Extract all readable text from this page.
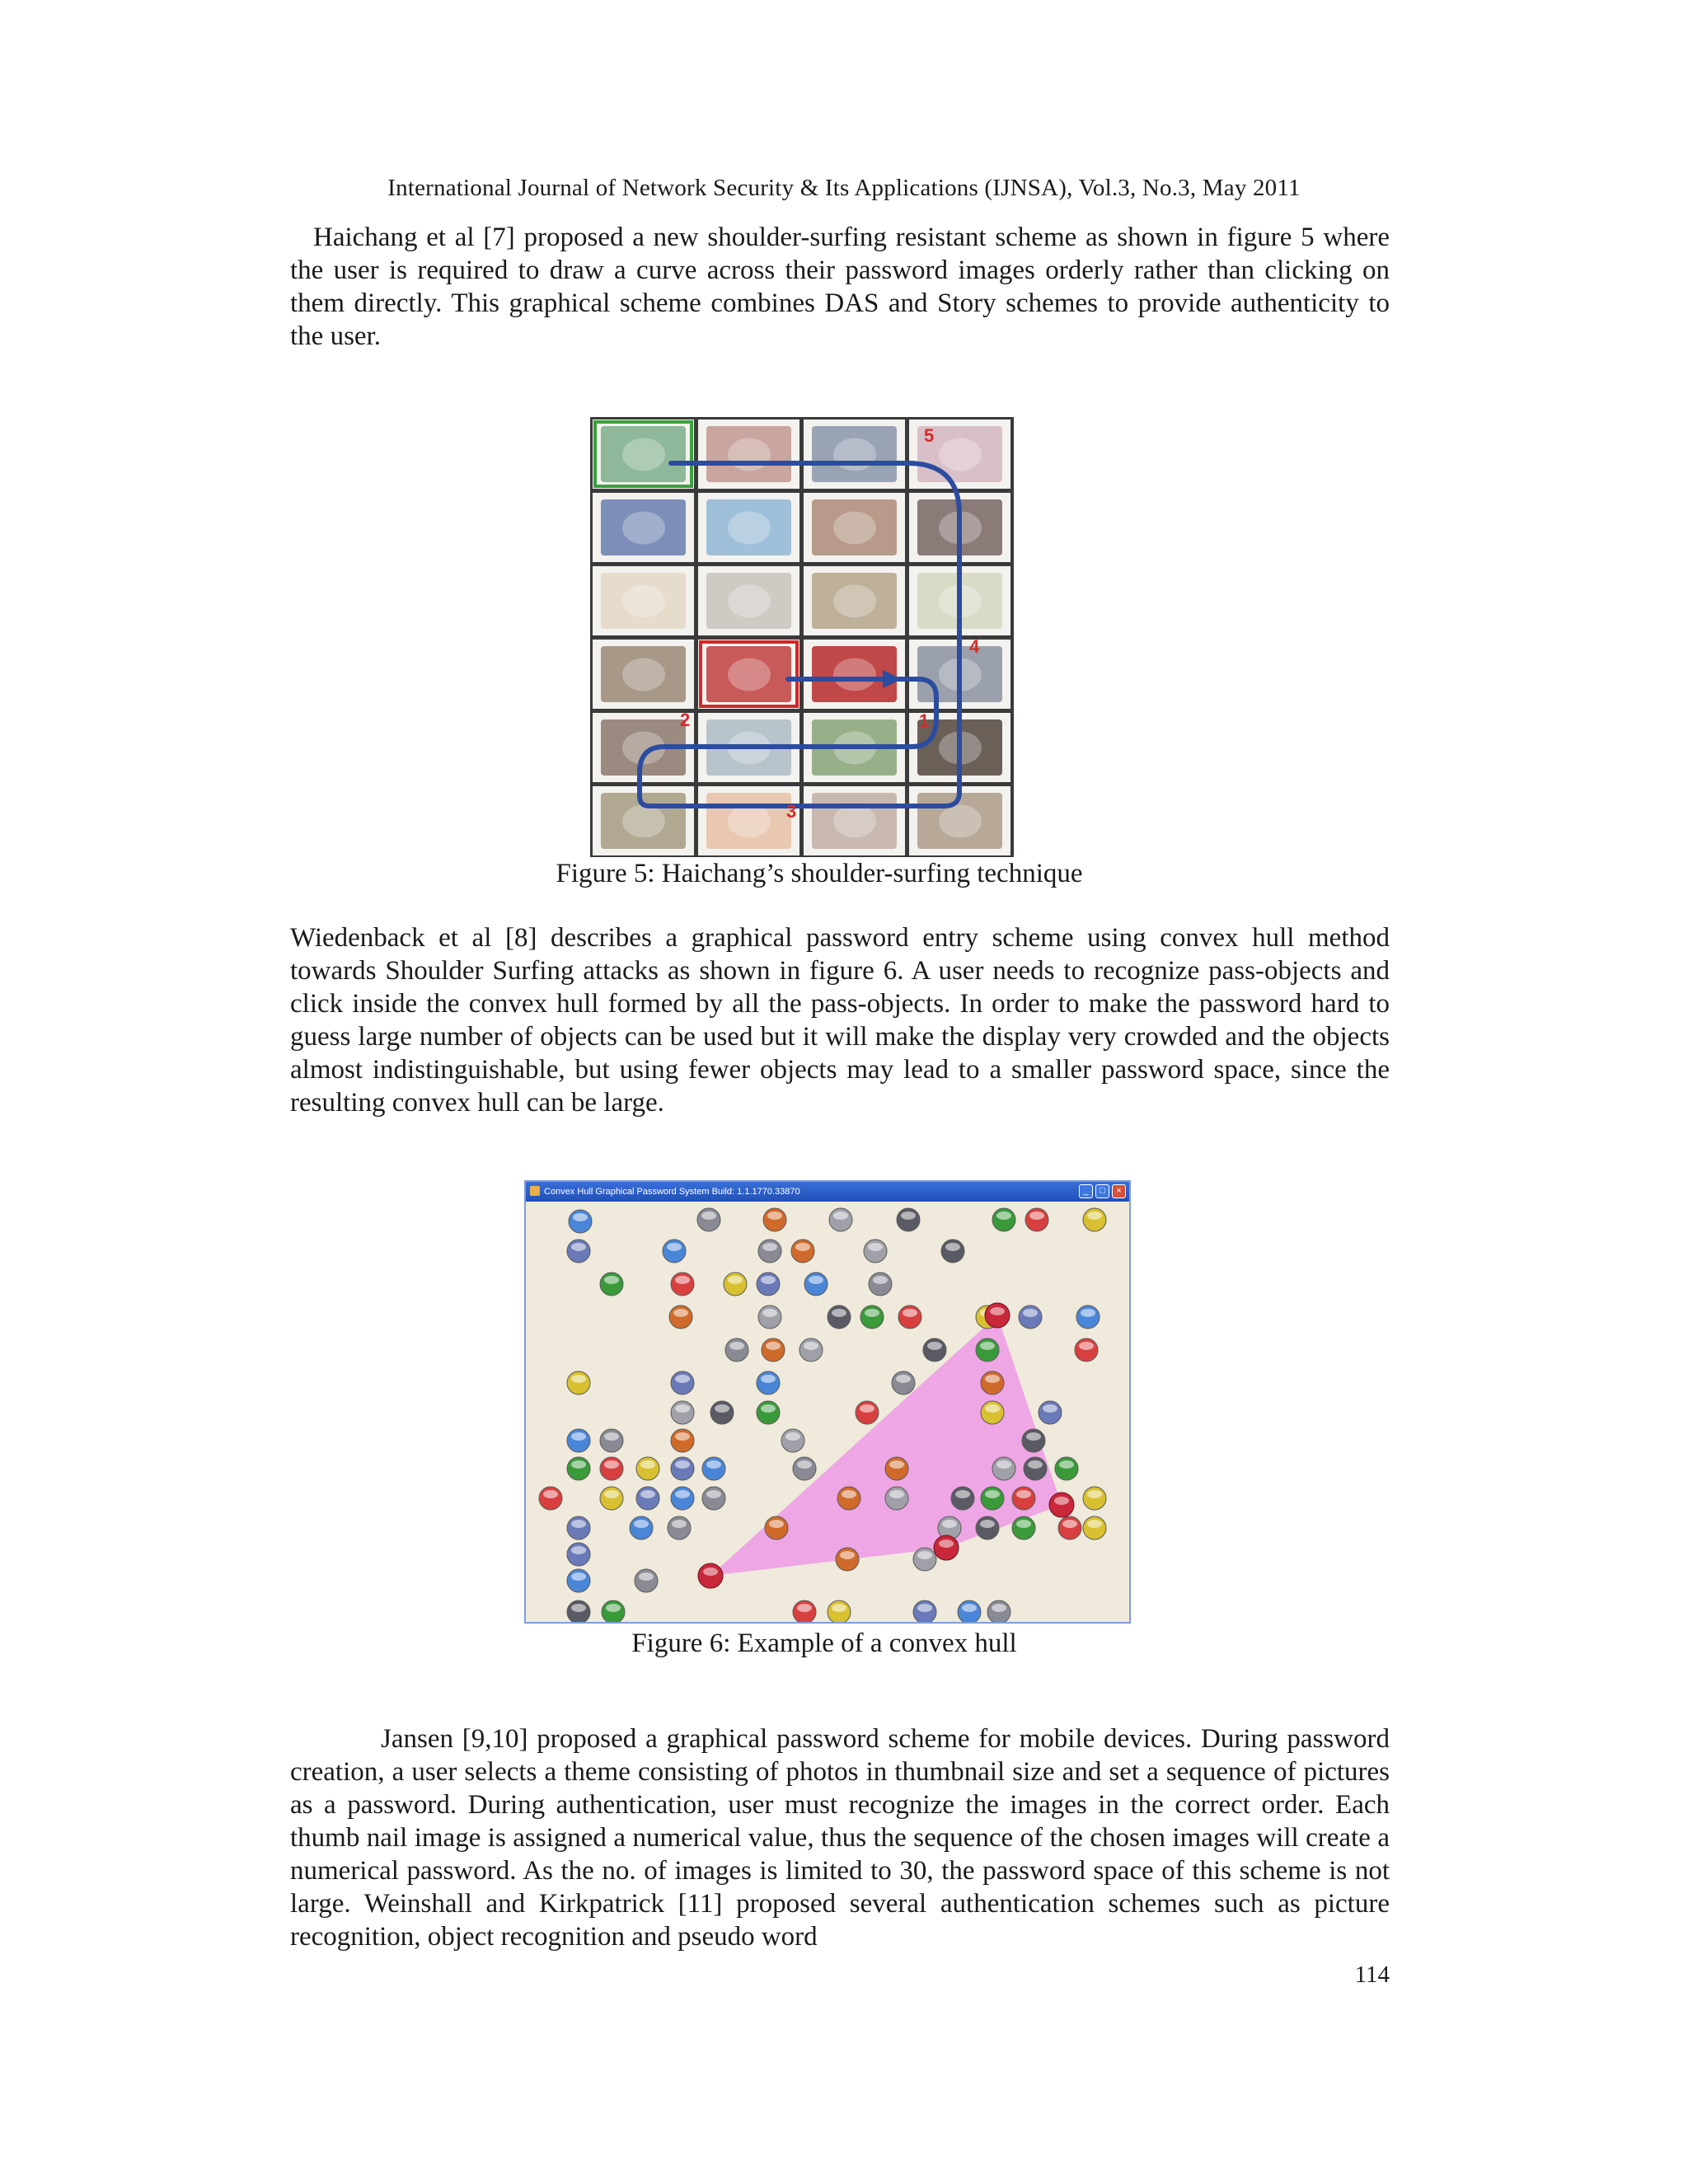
International Journal of Network Security & Its Applications (IJNSA), Vol.3, No.3, May 2011

Haichang et al [7] proposed a new shoulder-surfing resistant scheme as shown in figure 5 where the user is required to draw a curve across their password images orderly rather than clicking on them directly. This graphical scheme combines DAS and Story schemes to provide authenticity to the user.

1
2
3
4
5
Figure 5: Haichang’s shoulder-surfing technique

Wiedenback et al [8] describes a graphical password entry scheme using convex hull method towards Shoulder Surfing attacks as shown in figure 6. A user needs to recognize pass-objects and click inside the convex hull formed by all the pass-objects. In order to make the password hard to guess large number of objects can be used but it will make the display very crowded and the objects almost indistinguishable, but using fewer objects may lead to a smaller password space, since the resulting convex hull can be large.

Convex Hull Graphical Password System Build: 1.1.1770.33870	_	□	×
Figure 6: Example of a convex hull

Jansen [9,10] proposed a graphical password scheme for mobile devices. During password creation, a user selects a theme consisting of photos in thumbnail size and set a sequence of pictures as a password. During authentication, user must recognize the images in the correct order. Each thumb nail image is assigned a numerical value, thus the sequence of the chosen images will create a numerical password. As the no. of images is limited to 30, the password space of this scheme is not large. Weinshall and Kirkpatrick [11] proposed several authentication schemes such as picture recognition, object recognition and pseudo word

114
